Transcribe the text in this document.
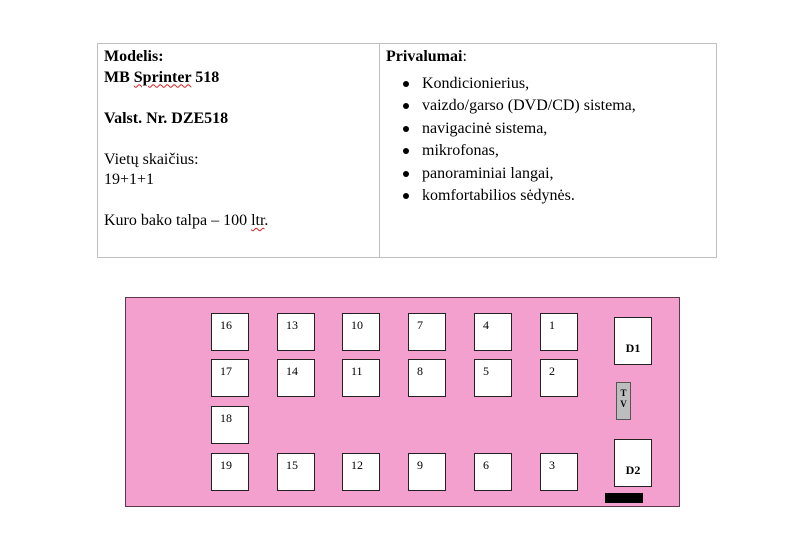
Modelis:
MB Sprinter 518
Valst. Nr. DZE518
Vietų skaičius:
19+1+1
Kuro bako talpa – 100 ltr.
Privalumai:
Kondicionierius,
vaizdo/garso (DVD/CD) sistema,
navigacinė sistema,
mikrofonas,
panoraminiai langai,
komfortabilios sėdynės.
16	13	10	7	4	1
17	14	11	8	5	2
18
19	15	12	9	6	3
D1
T
V
D2
